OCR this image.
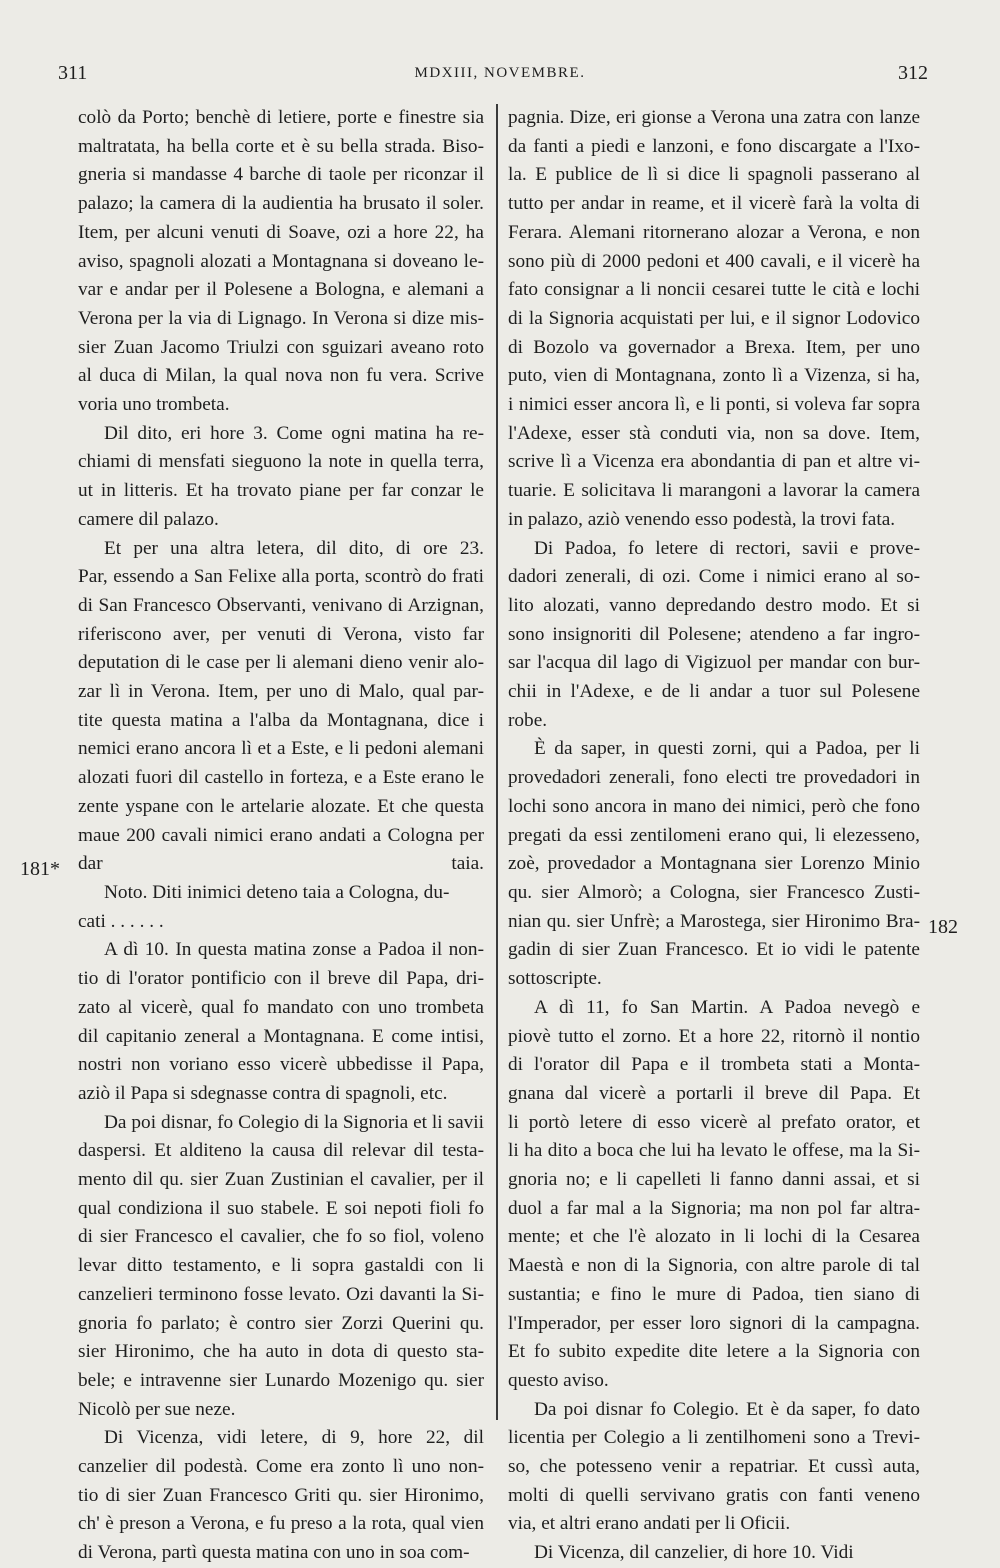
311	MDXIII, NOVEMBRE.	312
181*
182

colò da Porto; benchè di letiere, porte e finestre sia

maltratata, ha bella corte et è su bella strada. Biso-

gneria si mandasse 4 barche di taole per riconzar il

palazo; la camera di la audientia ha brusato il soler.

Item, per alcuni venuti di Soave, ozi a hore 22, ha

aviso, spagnoli alozati a Montagnana si doveano le-

var e andar per il Polesene a Bologna, e alemani a

Verona per la via di Lignago. In Verona si dize mis-

sier Zuan Jacomo Triulzi con sguizari aveano roto

al duca di Milan, la qual nova non fu vera. Scrive

voria uno trombeta.

Dil dito, eri hore 3. Come ogni matina ha re-

chiami di mensfati sieguono la note in quella terra,

ut in litteris. Et ha trovato piane per far conzar le

camere dil palazo.

Et per una altra letera, dil dito, di ore 23.

Par, essendo a San Felixe alla porta, scontrò do frati

di San Francesco Observanti, venivano di Arzignan,

riferiscono aver, per venuti di Verona, visto far

deputation di le case per li alemani dieno venir alo-

zar lì in Verona. Item, per uno di Malo, qual par-

tite questa matina a l'alba da Montagnana, dice i

nemici erano ancora lì et a Este, e li pedoni alemani

alozati fuori dil castello in forteza, e a Este erano le

zente yspane con le artelarie alozate. Et che questa

maue 200 cavali nimici erano andati a Cologna per

dar taia.

Noto. Diti inimici deteno taia a Cologna, du-

cati . . . . . .

A dì 10. In questa matina zonse a Padoa il non-

tio di l'orator pontificio con il breve dil Papa, dri-

zato al vicerè, qual fo mandato con uno trombeta

dil capitanio zeneral a Montagnana. E come intisi,

nostri non voriano esso vicerè ubbedisse il Papa,

aziò il Papa si sdegnasse contra di spagnoli, etc.

Da poi disnar, fo Colegio di la Signoria et li savii

daspersi. Et alditeno la causa dil relevar dil testa-

mento dil qu. sier Zuan Zustinian el cavalier, per il

qual condiziona il suo stabele. E soi nepoti fioli fo

di sier Francesco el cavalier, che fo so fiol, voleno

levar ditto testamento, e li sopra gastaldi con li

canzelieri terminono fosse levato. Ozi davanti la Si-

gnoria fo parlato; è contro sier Zorzi Querini qu.

sier Hironimo, che ha auto in dota di questo sta-

bele; e intravenne sier Lunardo Mozenigo qu. sier

Nicolò per sue neze.

Di Vicenza, vidi letere, di 9, hore 22, dil

canzelier dil podestà. Come era zonto lì uno non-

tio di sier Zuan Francesco Griti qu. sier Hironimo,

ch' è preson a Verona, e fu preso a la rota, qual vien

di Verona, partì questa matina con uno in soa com-

pagnia. Dize, eri gionse a Verona una zatra con lanze

da fanti a piedi e lanzoni, e fono discargate a l'Ixo-

la. E publice de lì si dice li spagnoli passerano al

tutto per andar in reame, et il vicerè farà la volta di

Ferara. Alemani ritornerano alozar a Verona, e non

sono più di 2000 pedoni et 400 cavali, e il vicerè ha

fato consignar a li noncii cesarei tutte le cità e lochi

di la Signoria acquistati per lui, e il signor Lodovico

di Bozolo va governador a Brexa. Item, per uno

puto, vien di Montagnana, zonto lì a Vizenza, si ha,

i nimici esser ancora lì, e li ponti, si voleva far sopra

l'Adexe, esser stà conduti via, non sa dove. Item,

scrive lì a Vicenza era abondantia di pan et altre vi-

tuarie. E solicitava li marangoni a lavorar la camera

in palazo, aziò venendo esso podestà, la trovi fata.

Di Padoa, fo letere di rectori, savii e prove-

dadori zenerali, di ozi. Come i nimici erano al so-

lito alozati, vanno depredando destro modo. Et si

sono insignoriti dil Polesene; atendeno a far ingro-

sar l'acqua dil lago di Vigizuol per mandar con bur-

chii in l'Adexe, e de li andar a tuor sul Polesene

robe.

È da saper, in questi zorni, qui a Padoa, per li

provedadori zenerali, fono electi tre provedadori in

lochi sono ancora in mano dei nimici, però che fono

pregati da essi zentilomeni erano qui, li elezesseno,

zoè, provedador a Montagnana sier Lorenzo Minio

qu. sier Almorò; a Cologna, sier Francesco Zusti-

nian qu. sier Unfrè; a Marostega, sier Hironimo Bra-

gadin di sier Zuan Francesco. Et io vidi le patente

sottoscripte.

A dì 11, fo San Martin. A Padoa nevegò e

piovè tutto el zorno. Et a hore 22, ritornò il nontio

di l'orator dil Papa e il trombeta stati a Monta-

gnana dal vicerè a portarli il breve dil Papa. Et

li portò letere di esso vicerè al prefato orator, et

li ha dito a boca che lui ha levato le offese, ma la Si-

gnoria no; e li capelleti li fanno danni assai, et si

duol a far mal a la Signoria; ma non pol far altra-

mente; et che l'è alozato in li lochi di la Cesarea

Maestà e non di la Signoria, con altre parole di tal

sustantia; e fino le mure di Padoa, tien siano di

l'Imperador, per esser loro signori di la campagna.

Et fo subito expedite dite letere a la Signoria con

questo aviso.

Da poi disnar fo Colegio. Et è da saper, fo dato

licentia per Colegio a li zentilhomeni sono a Trevi-

so, che potesseno venir a repatriar. Et cussì auta,

molti di quelli servivano gratis con fanti veneno

via, et altri erano andati per li Oficii.

Di Vicenza, dil canzelier, di hore 10. Vidi
